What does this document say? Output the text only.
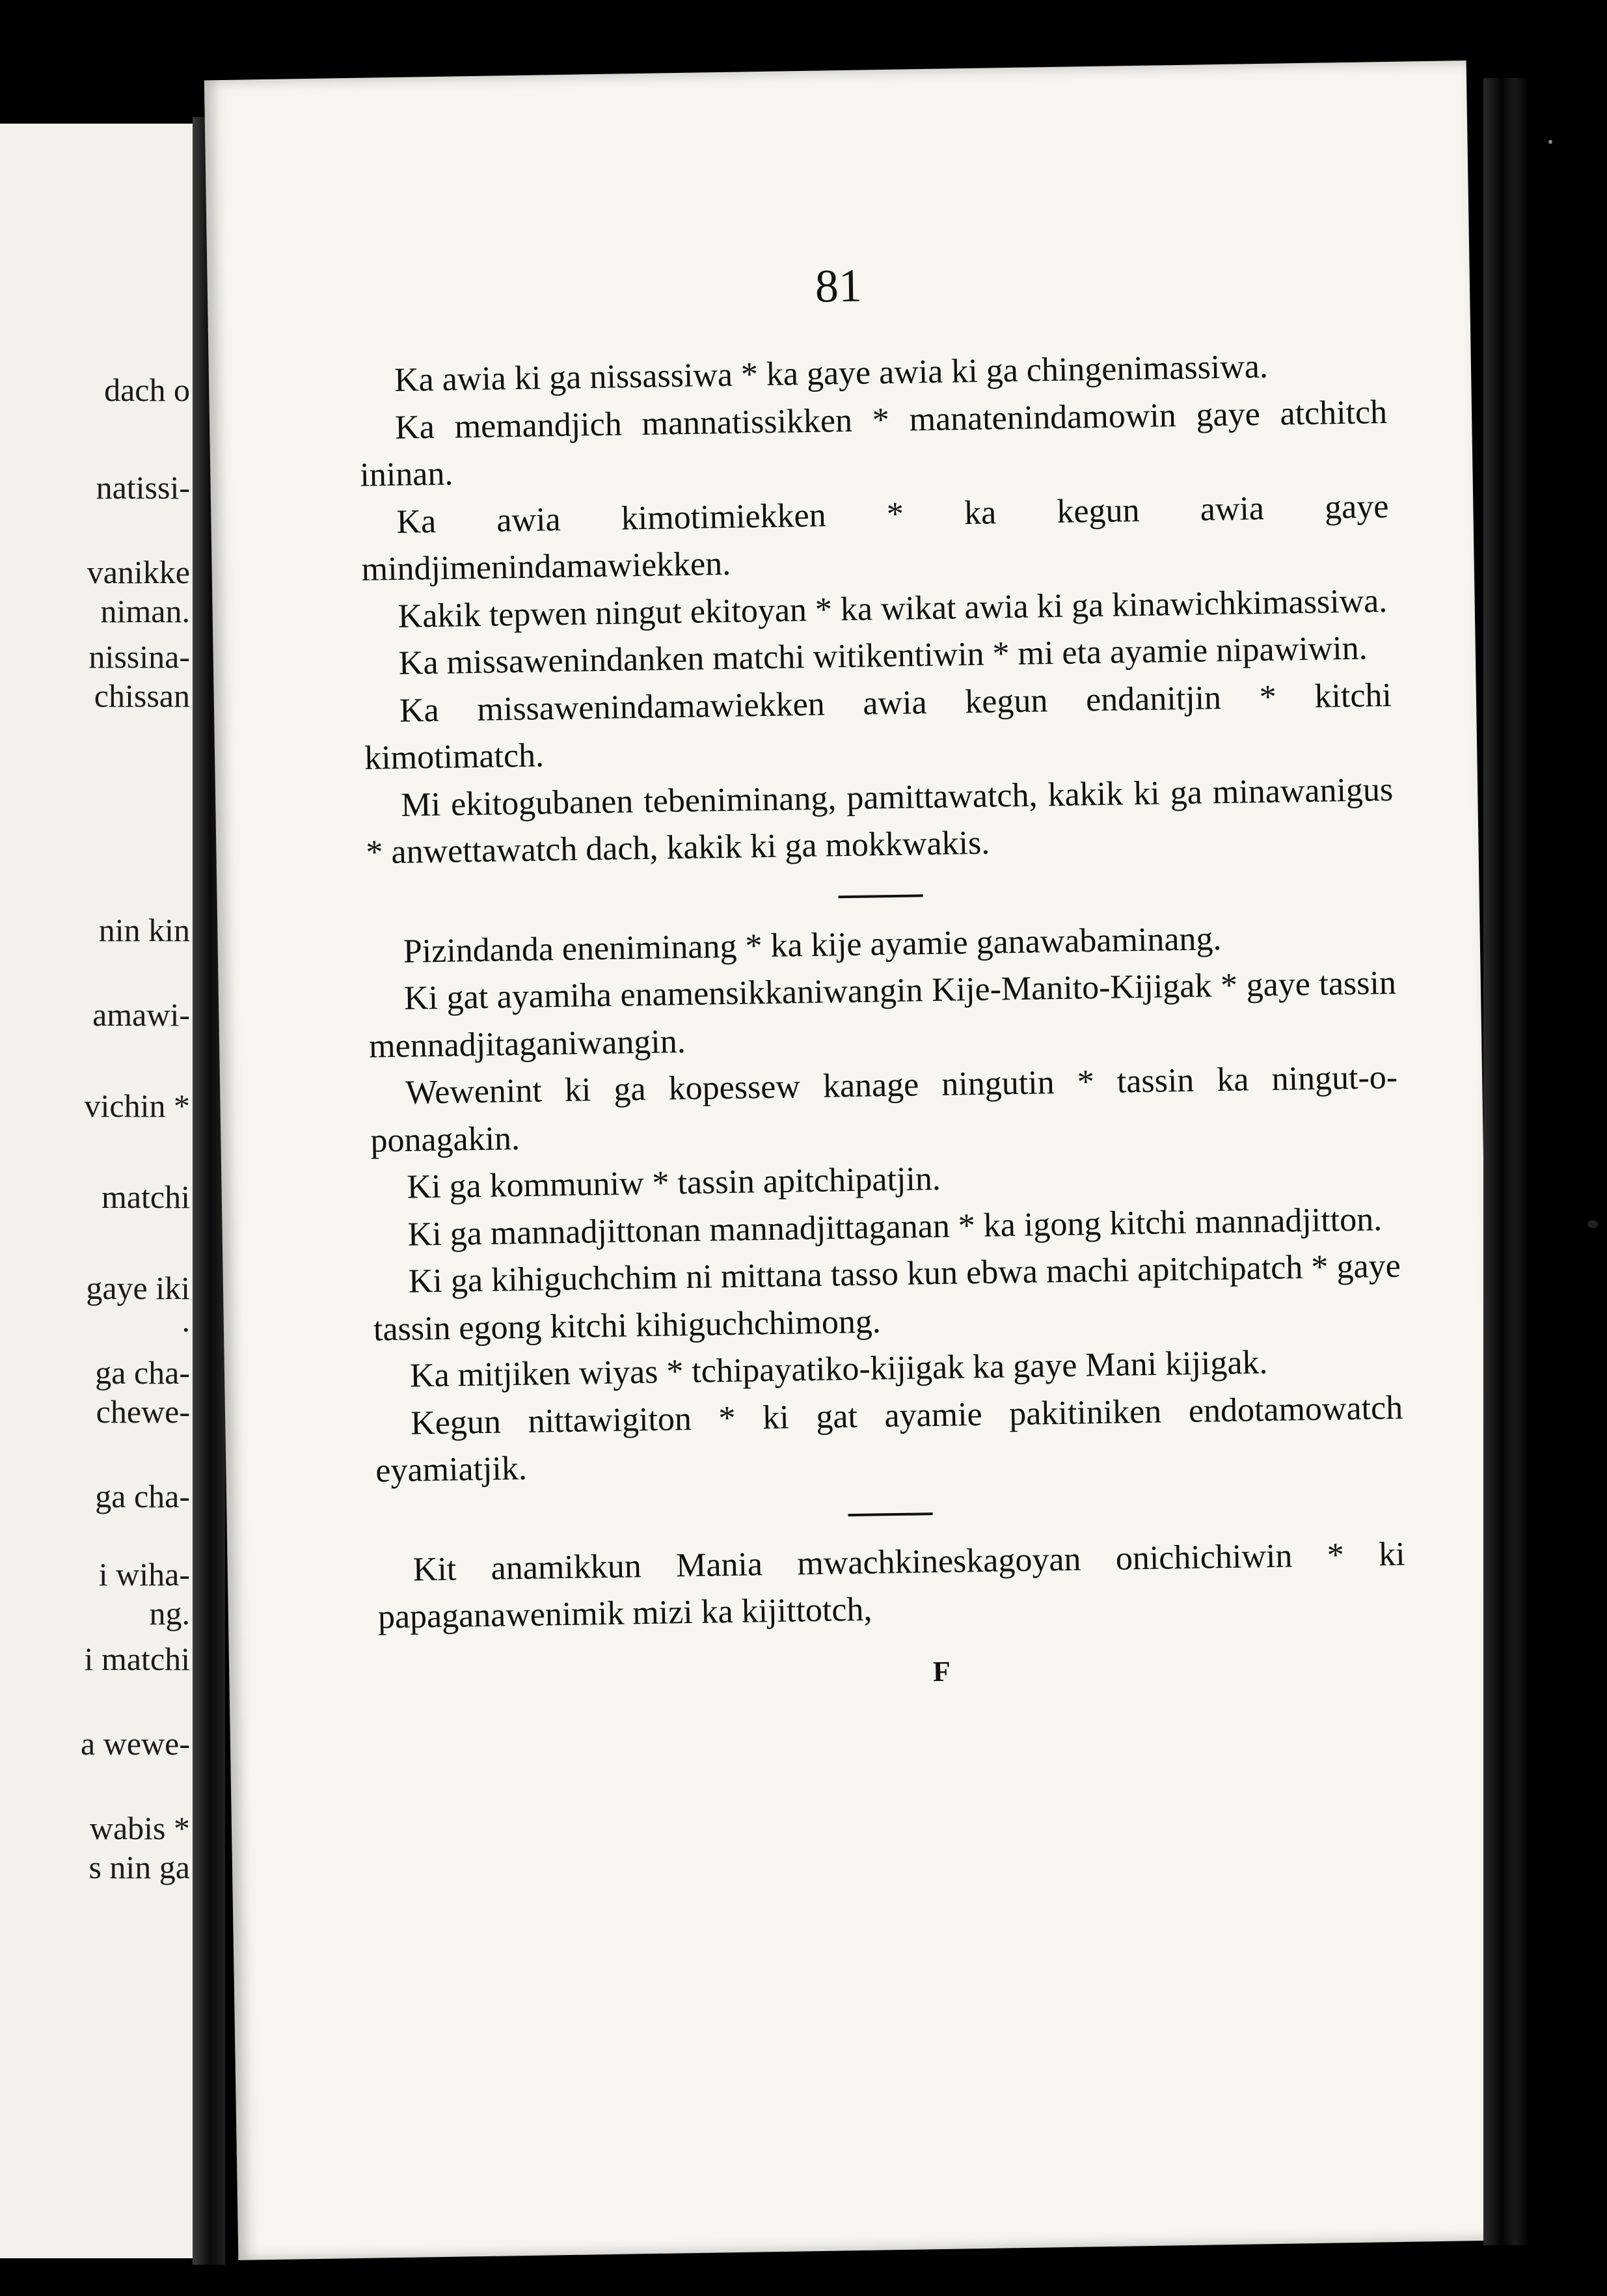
dach o
natissi-
vanikke
niman.
nissina-
chissan
nin kin
amawi-
vichin *
matchi
gaye iki
.
ga cha-
chewe-
ga cha-
i wiha-
ng.
i matchi
a wewe-
wabis *
s nin ga
81

Ka awia ki ga nissassiwa * ka gaye awia ki ga chingenimassiwa.

Ka memandjich mannatissikken * manatenindamowin gaye atchitch ininan.

Ka awia kimotimiekken * ka kegun awia gaye mindjimenindamawiekken.

Kakik tepwen ningut ekitoyan * ka wikat awia ki ga kinawichkimassiwa.

Ka missawenindanken matchi witikentiwin * mi eta ayamie nipawiwin.

Ka missawenindamawiekken awia kegun endanitjin * kitchi kimotimatch.

Mi ekitogubanen tebeniminang, pamittawatch, kakik ki ga minawanigus * anwettawatch dach, kakik ki ga mokkwakis.

Pizindanda eneniminang * ka kije ayamie ganawabaminang.

Ki gat ayamiha enamensikkaniwangin Kije-Manito-Kijigak * gaye tassin mennadjitaganiwangin.

Wewenint ki ga kopessew kanage ningutin * tassin ka ningut-o-ponagakin.

Ki ga kommuniw * tassin apitchipatjin.

Ki ga mannadjittonan mannadjittaganan * ka igong kitchi mannadjitton.

Ki ga kihiguchchim ni mittana tasso kun ebwa machi apitchipatch * gaye tassin egong kitchi kihiguchchimong.

Ka mitjiken wiyas * tchipayatiko-kijigak ka gaye Mani kijigak.

Kegun nittawigiton * ki gat ayamie pakitiniken endotamowatch eyamiatjik.

Kit anamikkun Mania mwachkineskagoyan onichichiwin * ki papaganawenimik mizi ka kijittotch,

F
